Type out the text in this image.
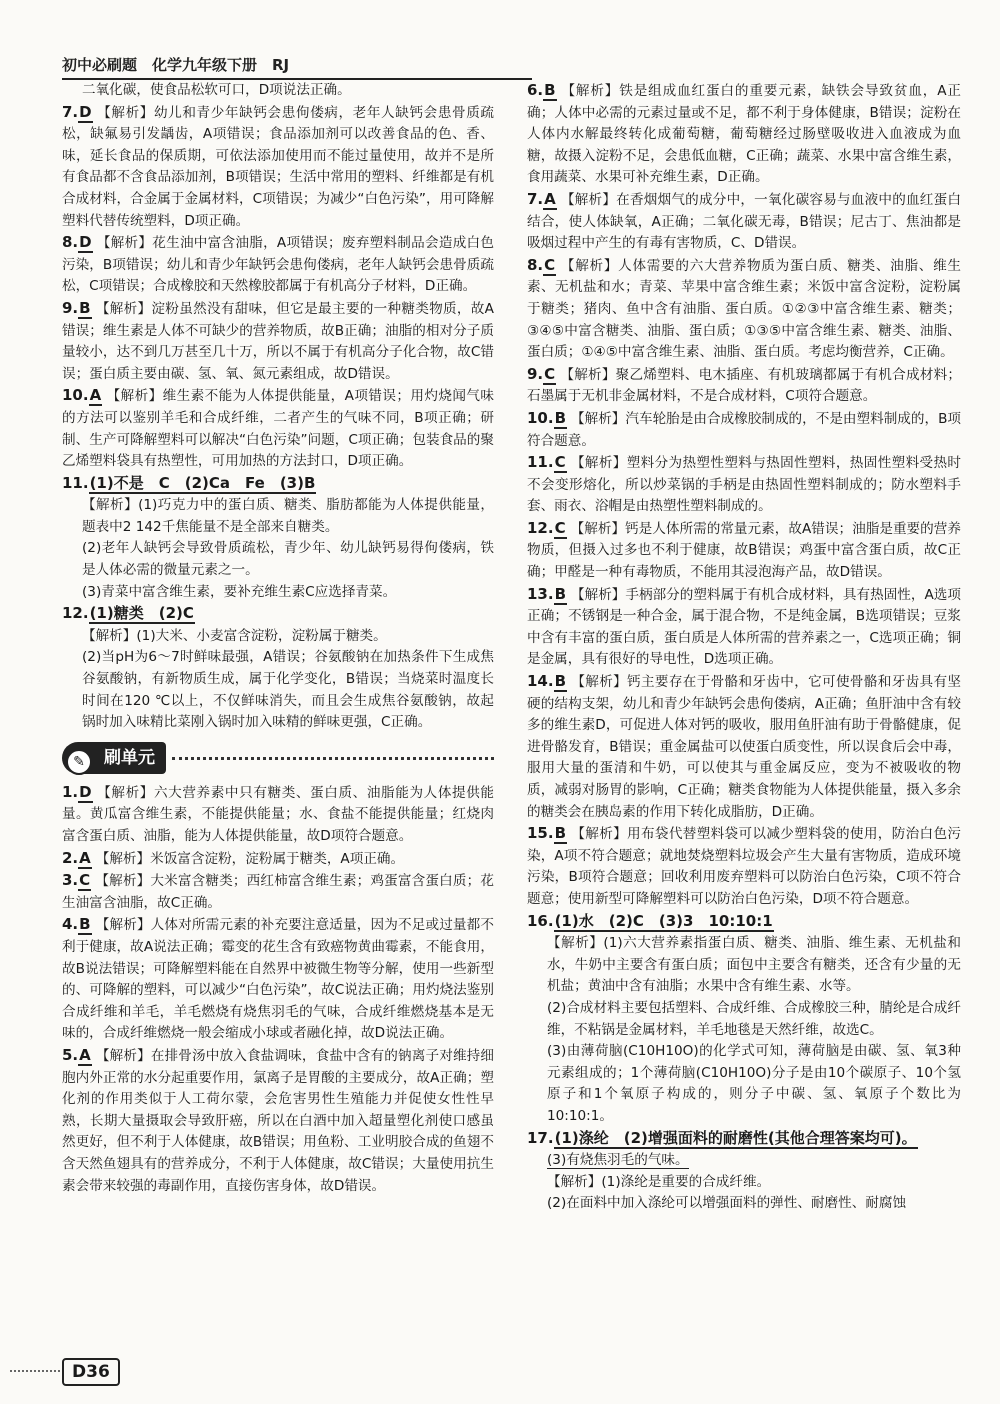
初中必刷题　化学九年级下册　RJ

二氧化碳，使食品松软可口，D项说法正确。

7.D 【解析】幼儿和青少年缺钙会患佝偻病，老年人缺钙会患骨质疏松，缺氟易引发龋齿，A项错误；食品添加剂可以改善食品的色、香、味，延长食品的保质期，可依法添加使用而不能过量使用，故并不是所有食品都不含食品添加剂，B项错误；生活中常用的塑料、纤维都是有机合成材料，合金属于金属材料，C项错误；为减少“白色污染”，用可降解塑料代替传统塑料，D项正确。

8.D 【解析】花生油中富含油脂，A项错误；废弃塑料制品会造成白色污染，B项错误；幼儿和青少年缺钙会患佝偻病，老年人缺钙会患骨质疏松，C项错误；合成橡胶和天然橡胶都属于有机高分子材料，D正确。

9.B 【解析】淀粉虽然没有甜味，但它是最主要的一种糖类物质，故A错误；维生素是人体不可缺少的营养物质，故B正确；油脂的相对分子质量较小，达不到几万甚至几十万，所以不属于有机高分子化合物，故C错误；蛋白质主要由碳、氢、氧、氮元素组成，故D错误。

10.A 【解析】维生素不能为人体提供能量，A项错误；用灼烧闻气味的方法可以鉴别羊毛和合成纤维，二者产生的气味不同，B项正确；研制、生产可降解塑料可以解决“白色污染”问题，C项正确；包装食品的聚乙烯塑料袋具有热塑性，可用加热的方法封口，D项正确。

11.(1)不是　C　(2)Ca　Fe　(3)B

【解析】(1)巧克力中的蛋白质、糖类、脂肪都能为人体提供能量，题表中2 142千焦能量不是全部来自糖类。

(2)老年人缺钙会导致骨质疏松，青少年、幼儿缺钙易得佝偻病，铁是人体必需的微量元素之一。

(3)青菜中富含维生素，要补充维生素C应选择青菜。

12.(1)糖类　(2)C

【解析】(1)大米、小麦富含淀粉，淀粉属于糖类。

(2)当pH为6～7时鲜味最强，A错误；谷氨酸钠在加热条件下生成焦谷氨酸钠，有新物质生成，属于化学变化，B错误；当烧菜时温度长时间在120 ℃以上，不仅鲜味消失，而且会生成焦谷氨酸钠，故起锅时加入味精比菜刚入锅时加入味精的鲜味更强，C正确。

✎	刷单元

1.D 【解析】六大营养素中只有糖类、蛋白质、油脂能为人体提供能量。黄瓜富含维生素，不能提供能量；水、食盐不能提供能量；红烧肉富含蛋白质、油脂，能为人体提供能量，故D项符合题意。

2.A 【解析】米饭富含淀粉，淀粉属于糖类，A项正确。

3.C 【解析】大米富含糖类；西红柿富含维生素；鸡蛋富含蛋白质；花生油富含油脂，故C正确。

4.B 【解析】人体对所需元素的补充要注意适量，因为不足或过量都不利于健康，故A说法正确；霉变的花生含有致癌物黄曲霉素，不能食用，故B说法错误；可降解塑料能在自然界中被微生物等分解，使用一些新型的、可降解的塑料，可以减少“白色污染”，故C说法正确；用灼烧法鉴别合成纤维和羊毛，羊毛燃烧有烧焦羽毛的气味，合成纤维燃烧基本是无味的，合成纤维燃烧一般会缩成小球或者融化掉，故D说法正确。

5.A 【解析】在排骨汤中放入食盐调味，食盐中含有的钠离子对维持细胞内外正常的水分起重要作用，氯离子是胃酸的主要成分，故A正确；塑化剂的作用类似于人工荷尔蒙，会危害男性生殖能力并促使女性性早熟，长期大量摄取会导致肝癌，所以在白酒中加入超量塑化剂使口感虽然更好，但不利于人体健康，故B错误；用鱼粉、工业明胶合成的鱼翅不含天然鱼翅具有的营养成分，不利于人体健康，故C错误；大量使用抗生素会带来较强的毒副作用，直接伤害身体，故D错误。

6.B 【解析】铁是组成血红蛋白的重要元素，缺铁会导致贫血，A正确；人体中必需的元素过量或不足，都不利于身体健康，B错误；淀粉在人体内水解最终转化成葡萄糖，葡萄糖经过肠壁吸收进入血液成为血糖，故摄入淀粉不足，会患低血糖，C正确；蔬菜、水果中富含维生素，食用蔬菜、水果可补充维生素，D正确。

7.A 【解析】在香烟烟气的成分中，一氧化碳容易与血液中的血红蛋白结合，使人体缺氧，A正确；二氧化碳无毒，B错误；尼古丁、焦油都是吸烟过程中产生的有毒有害物质，C、D错误。

8.C 【解析】人体需要的六大营养物质为蛋白质、糖类、油脂、维生素、无机盐和水；青菜、苹果中富含维生素；米饭中富含淀粉，淀粉属于糖类；猪肉、鱼中含有油脂、蛋白质。①②③中富含维生素、糖类；③④⑤中富含糖类、油脂、蛋白质；①③⑤中富含维生素、糖类、油脂、蛋白质；①④⑤中富含维生素、油脂、蛋白质。考虑均衡营养，C正确。

9.C 【解析】聚乙烯塑料、电木插座、有机玻璃都属于有机合成材料；石墨属于无机非金属材料，不是合成材料，C项符合题意。

10.B 【解析】汽车轮胎是由合成橡胶制成的，不是由塑料制成的，B项符合题意。

11.C 【解析】塑料分为热塑性塑料与热固性塑料，热固性塑料受热时不会变形熔化，所以炒菜锅的手柄是由热固性塑料制成的；防水塑料手套、雨衣、浴帽是由热塑性塑料制成的。

12.C 【解析】钙是人体所需的常量元素，故A错误；油脂是重要的营养物质，但摄入过多也不利于健康，故B错误；鸡蛋中富含蛋白质，故C正确；甲醛是一种有毒物质，不能用其浸泡海产品，故D错误。

13.B 【解析】手柄部分的塑料属于有机合成材料，具有热固性，A选项正确；不锈钢是一种合金，属于混合物，不是纯金属，B选项错误；豆浆中含有丰富的蛋白质，蛋白质是人体所需的营养素之一，C选项正确；铜是金属，具有很好的导电性，D选项正确。

14.B 【解析】钙主要存在于骨骼和牙齿中，它可使骨骼和牙齿具有坚硬的结构支架，幼儿和青少年缺钙会患佝偻病，A正确；鱼肝油中含有较多的维生素D，可促进人体对钙的吸收，服用鱼肝油有助于骨骼健康，促进骨骼发育，B错误；重金属盐可以使蛋白质变性，所以误食后会中毒，服用大量的蛋清和牛奶，可以使其与重金属反应，变为不被吸收的物质，减弱对肠胃的影响，C正确；糖类食物能为人体提供能量，摄入多余的糖类会在胰岛素的作用下转化成脂肪，D正确。

15.B 【解析】用布袋代替塑料袋可以减少塑料袋的使用，防治白色污染，A项不符合题意；就地焚烧塑料垃圾会产生大量有害物质，造成环境污染，B项符合题意；回收利用废弃塑料可以防治白色污染，C项不符合题意；使用新型可降解塑料可以防治白色污染，D项不符合题意。

16.(1)水　(2)C　(3)3　10:10:1

【解析】(1)六大营养素指蛋白质、糖类、油脂、维生素、无机盐和水，牛奶中主要含有蛋白质；面包中主要含有糖类，还含有少量的无机盐；黄油中含有油脂；水果中含有维生素、水等。

(2)合成材料主要包括塑料、合成纤维、合成橡胶三种，腈纶是合成纤维，不粘锅是金属材料，羊毛地毯是天然纤维，故选C。

(3)由薄荷脑(C10H10O)的化学式可知，薄荷脑是由碳、氢、氧3种元素组成的；1个薄荷脑(C10H10O)分子是由10个碳原子、10个氢原子和1个氧原子构成的，则分子中碳、氢、氧原子个数比为10:10:1。

17.(1)涤纶　(2)增强面料的耐磨性(其他合理答案均可)。

(3)有烧焦羽毛的气味。

【解析】(1)涤纶是重要的合成纤维。

(2)在面料中加入涤纶可以增强面料的弹性、耐磨性、耐腐蚀

D36
